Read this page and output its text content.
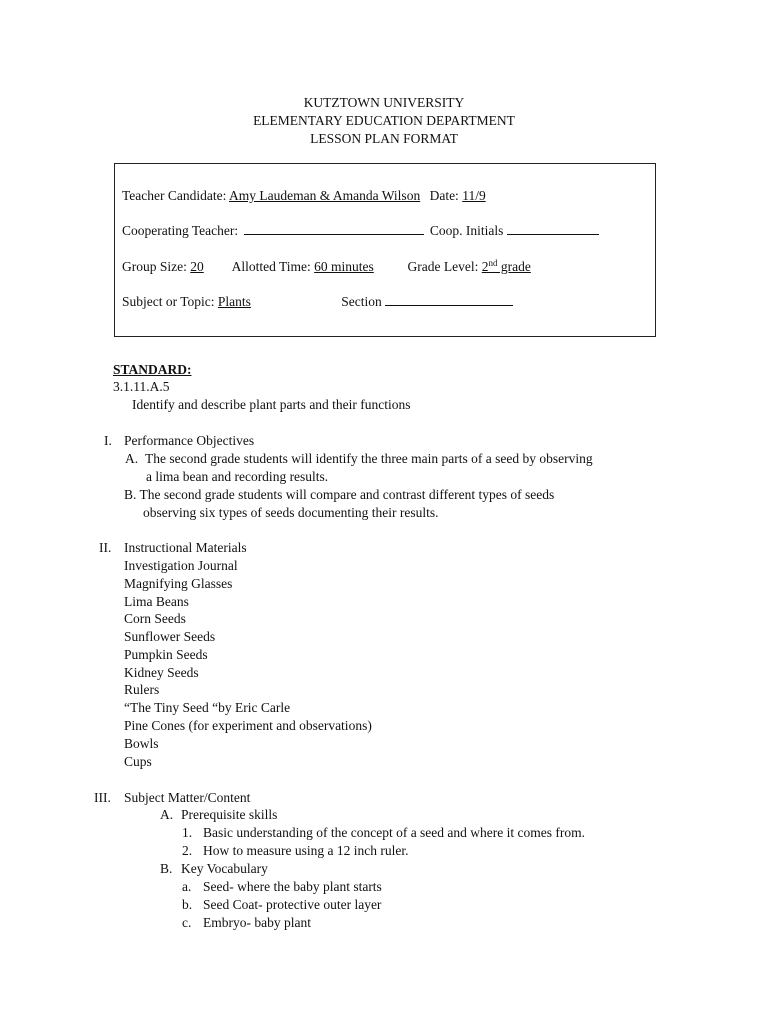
KUTZTOWN UNIVERSITY
ELEMENTARY EDUCATION DEPARTMENT
LESSON PLAN FORMAT
Teacher Candidate: Amy Laudeman & Amanda Wilson Date: 11/9
Cooperating Teacher:	Coop. Initials
Group Size: 20 Allotted Time: 60 minutes	Grade Level: 2nd grade
Subject or Topic: Plants	Section
STANDARD:
3.1.11.A.5
Identify and describe plant parts and their functions
I. Performance Objectives
A. The second grade students will identify the three main parts of a seed by observing
a lima bean and recording results.
B. The second grade students will compare and contrast different types of seeds
observing six types of seeds documenting their results.
II. Instructional Materials
Investigation Journal
Magnifying Glasses
Lima Beans
Corn Seeds
Sunflower Seeds
Pumpkin Seeds
Kidney Seeds
Rulers
“The Tiny Seed “by Eric Carle
Pine Cones (for experiment and observations)
Bowls
Cups
III. Subject Matter/Content
A. Prerequisite skills
1. Basic understanding of the concept of a seed and where it comes from.
2. How to measure using a 12 inch ruler.
B. Key Vocabulary
a. Seed- where the baby plant starts
b. Seed Coat- protective outer layer
c. Embryo- baby plant
